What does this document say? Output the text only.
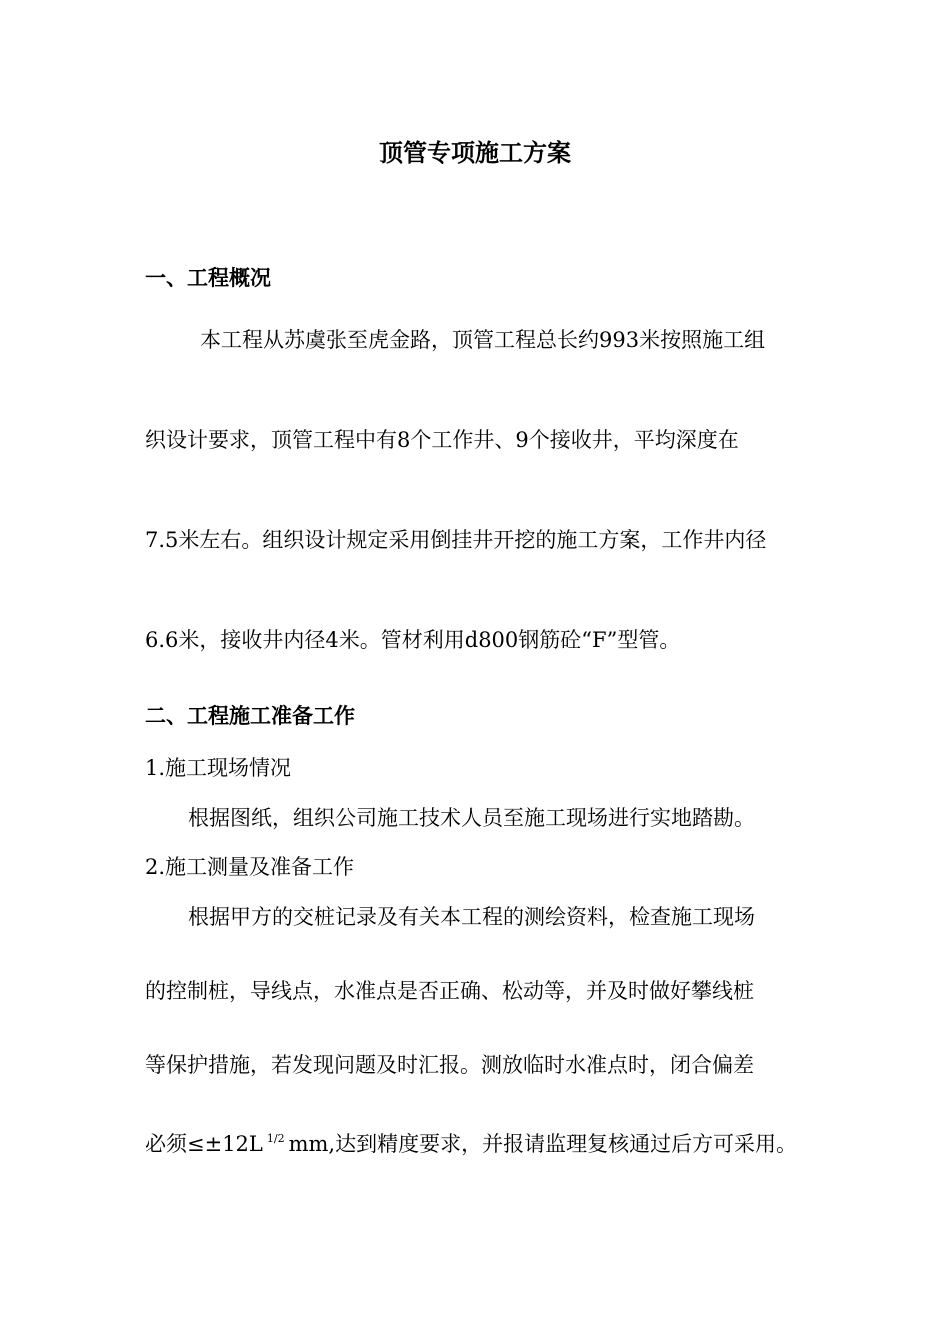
顶管专项施工方案
一、工程概况
本工程从苏虞张至虎金路，顶管工程总长约993米按照施工组
织设计要求，顶管工程中有8个工作井、9个接收井，平均深度在
7.5米左右。组织设计规定采用倒挂井开挖的施工方案，工作井内径
6.6米，接收井内径4米。管材利用d800钢筋砼“F”型管。
二、工程施工准备工作
1.施工现场情况
根据图纸，组织公司施工技术人员至施工现场进行实地踏勘。
2.施工测量及准备工作
根据甲方的交桩记录及有关本工程的测绘资料，检查施工现场
的控制桩，导线点，水准点是否正确、松动等，并及时做好攀线桩
等保护措施，若发现问题及时汇报。测放临时水准点时，闭合偏差
必须≤±12L $^{1/2}$ mm,达到精度要求，并报请监理复核通过后方可采用。
